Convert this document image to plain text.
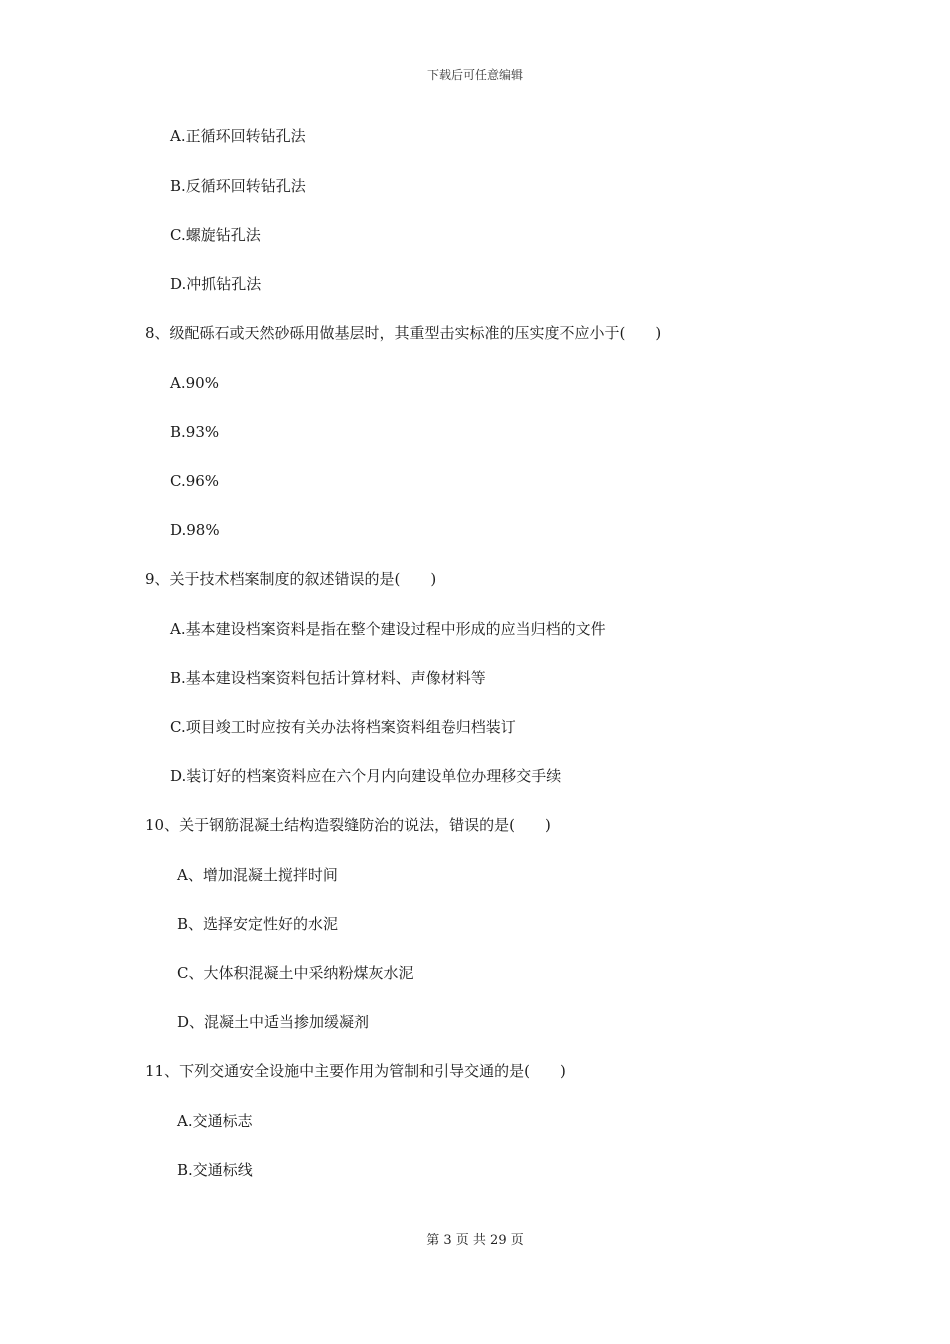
下载后可任意编辑
A.正循环回转钻孔法
B.反循环回转钻孔法
C.螺旋钻孔法
D.冲抓钻孔法
8、级配砾石或天然砂砾用做基层时，其重型击实标准的压实度不应小于(　　)
A.90%
B.93%
C.96%
D.98%
9、关于技术档案制度的叙述错误的是(　　)
A.基本建设档案资料是指在整个建设过程中形成的应当归档的文件
B.基本建设档案资料包括计算材料、声像材料等
C.项目竣工时应按有关办法将档案资料组卷归档装订
D.装订好的档案资料应在六个月内向建设单位办理移交手续
10、关于钢筋混凝土结构造裂缝防治的说法，错误的是(　　)
A、增加混凝土搅拌时间
B、选择安定性好的水泥
C、大体积混凝土中采纳粉煤灰水泥
D、混凝土中适当掺加缓凝剂
11、下列交通安全设施中主要作用为管制和引导交通的是(　　)
A.交通标志
B.交通标线
第 3 页 共 29 页
